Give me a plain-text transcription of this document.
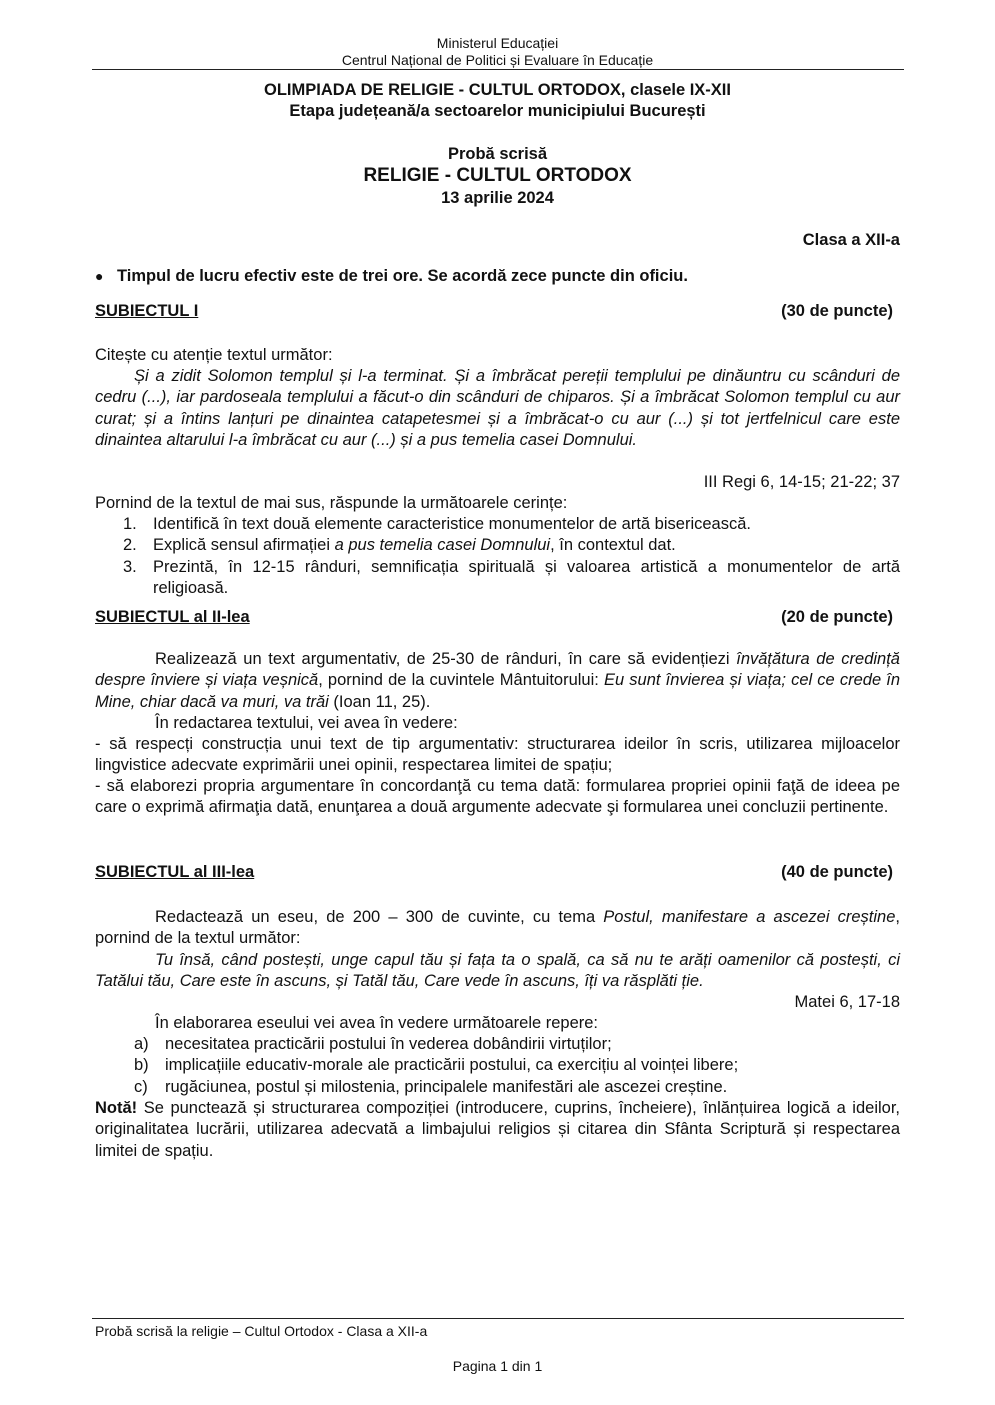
Ministerul Educației
Centrul Național de Politici și Evaluare în Educație
OLIMPIADA DE RELIGIE - CULTUL ORTODOX, clasele IX-XII
Etapa județeană/a sectoarelor municipiului București
Probă scrisă
RELIGIE - CULTUL ORTODOX
13 aprilie 2024
Clasa a XII-a
● Timpul de lucru efectiv este de trei ore. Se acordă zece puncte din oficiu.
SUBIECTUL I	(30 de puncte)
Citește cu atenție textul următor:
Și a zidit Solomon templul și l-a terminat. Și a îmbrăcat pereții templului pe dinăuntru cu scânduri de cedru (...), iar pardoseala templului a făcut-o din scânduri de chiparos. Și a îmbrăcat Solomon templul cu aur curat; și a întins lanțuri pe dinaintea catapetesmei și a îmbrăcat-o cu aur (...) și tot jertfelnicul care este dinaintea altarului l-a îmbrăcat cu aur (...) și a pus temelia casei Domnului.
III Regi 6, 14-15; 21-22; 37
Pornind de la textul de mai sus, răspunde la următoarele cerințe:
1. Identifică în text două elemente caracteristice monumentelor de artă bisericească.
2. Explică sensul afirmației a pus temelia casei Domnului, în contextul dat.
3. Prezintă, în 12-15 rânduri, semnificația spirituală și valoarea artistică a monumentelor de artă religioasă.
SUBIECTUL al II-lea	(20 de puncte)
Realizează un text argumentativ, de 25-30 de rânduri, în care să evidențiezi învățătura de credință despre înviere și viața veșnică, pornind de la cuvintele Mântuitorului: Eu sunt învierea și viața; cel ce crede în Mine, chiar dacă va muri, va trăi (Ioan 11, 25).
În redactarea textului, vei avea în vedere:
- să respecți construcția unui text de tip argumentativ: structurarea ideilor în scris, utilizarea mijloacelor lingvistice adecvate exprimării unei opinii, respectarea limitei de spațiu;
- să elaborezi propria argumentare în concordanţă cu tema dată: formularea propriei opinii faţă de ideea pe care o exprimă afirmaţia dată, enunţarea a două argumente adecvate şi formularea unei concluzii pertinente.
SUBIECTUL al III-lea	(40 de puncte)
Redactează un eseu, de 200 – 300 de cuvinte, cu tema Postul, manifestare a ascezei creștine, pornind de la textul următor:
Tu însă, când postești, unge capul tău și fața ta o spală, ca să nu te arăți oamenilor că postești, ci Tatălui tău, Care este în ascuns, și Tatăl tău, Care vede în ascuns, îți va răsplăti ție.
Matei 6, 17-18
În elaborarea eseului vei avea în vedere următoarele repere:
a) necesitatea practicării postului în vederea dobândirii virtuților;
b) implicațiile educativ-morale ale practicării postului, ca exercițiu al voinței libere;
c) rugăciunea, postul și milostenia, principalele manifestări ale ascezei creștine.
Notă! Se punctează și structurarea compoziției (introducere, cuprins, încheiere), înlănțuirea logică a ideilor, originalitatea lucrării, utilizarea adecvată a limbajului religios și citarea din Sfânta Scriptură și respectarea limitei de spațiu.
Probă scrisă la religie – Cultul Ortodox - Clasa a XII-a
Pagina 1 din 1
